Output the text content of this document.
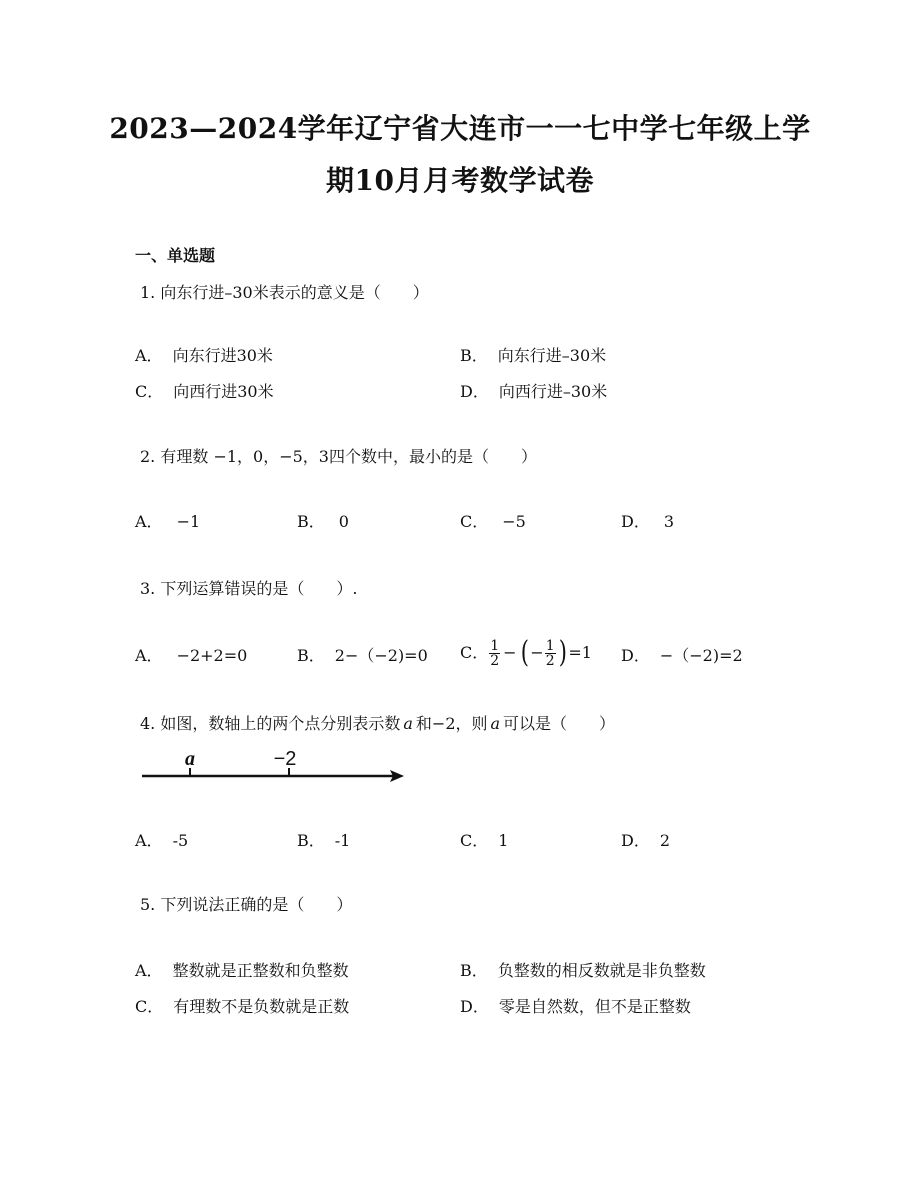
2023—2024学年辽宁省大连市一一七中学七年级上学
期10月月考数学试卷
一、单选题
1. 向东行进–30米表示的意义是（　　）
A． 向东行进30米	B． 向东行进–30米
C． 向西行进30米	D． 向西行进–30米
2. 有理数 −1，0，−5，3四个数中，最小的是（　　）
A． −1	B． 0	C． −5	D． 3
3. 下列运算错误的是（　　）.
A． −2+2=0	B． 2−（−2)=0 C． $\frac{1}{2}$ − ( − $\frac{1}{2}$ ) =1 D． −（−2)=2
4. 如图，数轴上的两个点分别表示数 a 和−2，则 a 可以是（　　）
a	−2
A． -5	B． -1	C． 1	D． 2
5. 下列说法正确的是（　　）
A． 整数就是正整数和负整数	B． 负整数的相反数就是非负整数
C． 有理数不是负数就是正数	D． 零是自然数，但不是正整数
